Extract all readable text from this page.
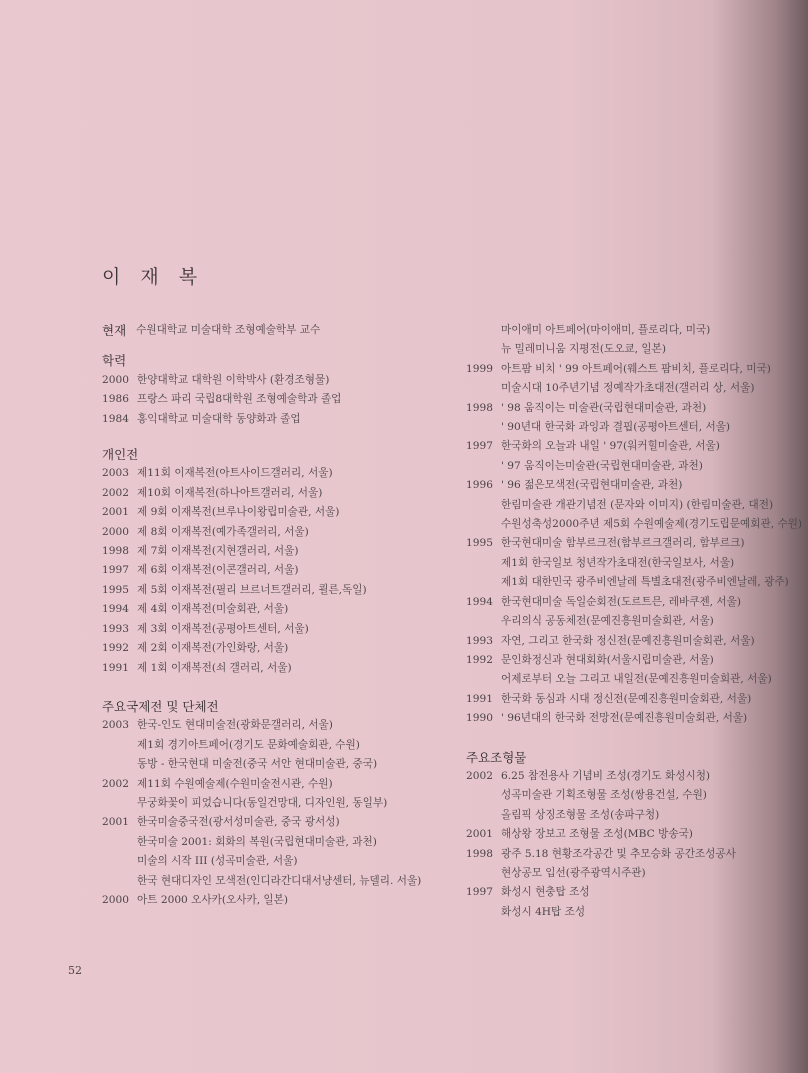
이 재 복
현재 수원대학교 미술대학 조형예술학부 교수
학력
2000 한양대학교 대학원 이학박사 (환경조형물)
1986 프랑스 파리 국립8대학원 조형예술학과 졸업
1984 홍익대학교 미술대학 동양화과 졸업
개인전
2003 제11회 이재복전(아트사이드갤러리, 서울)
2002 제10회 이재복전(하나아트갤러리, 서울)
2001 제 9회 이재복전(브루나이왕립미술관, 서울)
2000 제 8회 이재복전(예가족갤러리, 서울)
1998 제 7회 이재복전(지현갤러리, 서울)
1997 제 6회 이재복전(이콘갤러리, 서울)
1995 제 5회 이재복전(필리 브르너트갤러리, 쾰른,독일)
1994 제 4회 이재복전(미술회관, 서울)
1993 제 3회 이재복전(공평아트센터, 서울)
1992 제 2회 이재복전(가인화랑, 서울)
1991 제 1회 이재복전(쇠 갤러리, 서울)
주요국제전 및 단체전
2003 한국-인도 현대미술전(광화문갤러리, 서울)
제1회 경기아트페어(경기도 문화예술회관, 수원)
동방 - 한국현대 미술전(중국 서안 현대미술관, 중국)
2002 제11회 수원예술제(수원미술전시관, 수원)
무궁화꽃이 피었습니다(동일건망대, 디자인원, 동일부)
2001 한국미술중국전(광서성미술관, 중국 광서성)
한국미술 2001: 회화의 복원(국립현대미술관, 과천)
미술의 시작 III (성곡미술관, 서울)
한국 현대디자인 모색전(인디라간디대서냥센터, 뉴델리. 서울)
2000 아트 2000 오사카(오사카, 일본)
마이애미 아트페어(마이애미, 플로리다, 미국)
뉴 밀레미니움 지평전(도오쿄, 일본)
1999 아트팜 비치 ' 99 아트페어(웨스트 팜비치, 플로리다, 미국)
미술시대 10주년기념 정예작가초대전(갤러리 상, 서울)
1998 ' 98 움직이는 미술관(국립현대미술관, 과천)
' 90년대 한국화 과잉과 결핍(공평아트센터, 서울)
1997 한국화의 오늘과 내일 ' 97(워커힐미술관, 서울)
' 97 움직이는미술관(국립현대미술관, 과천)
1996 ' 96 젊은모색전(국립현대미술관, 과천)
한림미술관 개관기념전 (문자와 이미지) (한림미술관, 대전)
수원성축성2000주년 제5회 수원예술제(경기도립문예회관, 수원)
1995 한국현대미술 함부르크전(함부르크갤러리, 함부르크)
제1회 한국일보 청년작가초대전(한국일보사, 서울)
제1회 대한민국 광주비엔날레 특별초대전(광주비엔날레, 광주)
1994 한국현대미술 독일순회전(도르트믄, 레바쿠젠, 서울)
우리의식 공동체전(문예진흥원미술회관, 서울)
1993 자연, 그리고 한국화 정신전(문예진흥원미술회관, 서울)
1992 문인화정신과 현대회화(서울시립미술관, 서울)
어제로부터 오늘 그리고 내일전(문예진흥원미술회관, 서울)
1991 한국화 동심과 시대 정신전(문예진흥원미술회관, 서울)
1990 ' 96년대의 한국화 전망전(문예진흥원미술회관, 서울)
주요조형물
2002 6.25 참전용사 기념비 조성(경기도 화성시청)
성곡미술관 기획조형물 조성(쌍용건설, 수원)
올림픽 상징조형물 조성(송파구청)
2001 해상왕 장보고 조형물 조성(MBC 방송국)
1998 광주 5.18 현황조각공간 및 추모승화 공간조성공사
현상공모 입선(광주광역시주관)
1997 화성시 현충탑 조성
화성시 4H탑 조성
52
